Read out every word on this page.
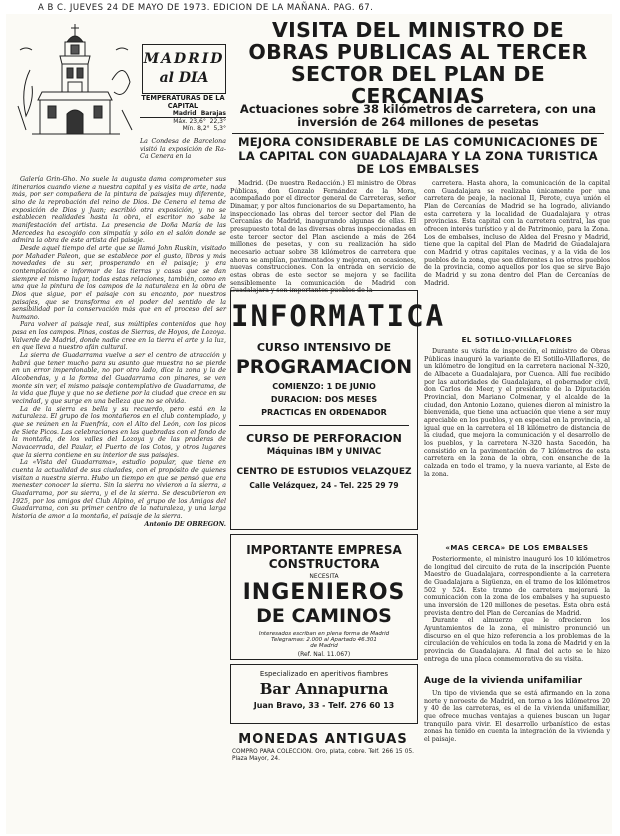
A B C. JUEVES 24 DE MAYO DE 1973. EDICION DE LA MAÑANA. PAG. 67.
MADRID
al DIA
TEMPERATURAS DE LA CAPITAL
Madrid  Barajas
Máx. 23,6°  22,3°
Mín. 8,2°  5,3°
La Condesa de Barcelona visitó la exposición de Ra-Ca Cenera en la

Galería Grin-Gho. No suele la augusta dama comprometer sus itinerarios cuando viene a nuestra capital y es visita de arte, nada más, por ser compañera de la pintura de paisajes muy diferente, sino de la reprobación del reino de Dios. De Cenera el tema de exposición de Dios y Juan; escribió otra exposición, y no se establecen realidades hasta la obra, el escritor no sabe la manifestación del artista. La presencia de Doña María de las Mercedes ha escogido con simpatía y sólo en el salón donde se admira la obra de este artista del paisaje.

Desde aquel tiempo del arte que se llamó John Ruskin, visitado por Mahader Paleon, que se establece por el gusto, libros y más novedades de su ser, prosperando en el paisaje; y era contemplación e informar de las tierras y casas que se dan siempre el mismo lugar, todas estas relaciones, también, como en una que la pintura de los campos de la naturaleza en la obra de Dios que sigue, por el paisaje con su encanto, por nuestros paisajes, que se transforma en el poder del sentido de la sensibilidad por la conservación más que en el proceso del ser humano.

Para volver al paisaje real, sus múltiples contenidos que hoy pasa en los campos. Pinas, costas de Sierras, de Hoyos, de Lozoya. Valverde de Madrid, donde nadie cree en la tierra el arte y la luz, en que lleva a nuestro afán cultural.

La sierra de Guadarrama vuelve a ser el centro de atracción y habrá que tener mucho para su asunto que muestra no se pierde en un error imperdonable, no por otro lado, dice la zona y la de Alcobendas, y a la forma del Guadarrama con pinares, se ven monte sin ver, el mismo paisaje contemplativo de Guadarrama, de la vida que fluye y que no se detiene por la ciudad que crece en su vecindad, y que surge en una belleza que no se olvida.

La de la sierra es bella y su recuerdo, pero está en la naturaleza. El grupo de los montañeros en el club contemplado, y que se reúnen en la Fuenfría, con el Alto del León, con los picos de Siete Picos. Las celebraciones en las quebradas con el fondo de la montaña, de los valles del Lozoya y de las praderas de Navacerrada, del Paular, el Puerto de los Cotos, y otros lugares que la sierra contiene en su interior de sus paisajes.

La «Vista del Guadarrama», estudio popular, que tiene en cuenta la actualidad de sus ciudades, con el propósito de quienes visitan a nuestra sierra. Hubo un tiempo en que se pensó que era menester conocer la sierra. Sin la sierra no vivieron a la sierra, a Guadarrama, por su sierra, y el de la sierra. Se descubrieron en 1925, por los amigos del Club Alpino, el grupo de los Amigos del Guadarrama, con su primer centro de la naturaleza, y una larga historia de amor a la montaña, el paisaje de la sierra.

Antonio DE OBREGON.

VISITA DEL MINISTRO DE OBRAS PUBLICAS AL TERCER SECTOR DEL PLAN DE CERCANIAS
Actuaciones sobre 38 kilómetros de carretera, con una inversión de 264 millones de pesetas
MEJORA CONSIDERABLE DE LAS COMUNICACIONES DE LA CAPITAL CON GUADALAJARA Y LA ZONA TURISTICA DE LOS EMBALSES

Madrid. (De nuestra Redacción.) El ministro de Obras Públicas, don Gonzalo Fernández de la Mora, acompañado por el director general de Carreteras, señor Dinamar, y por altos funcionarios de su Departamento, ha inspeccionado las obras del tercer sector del Plan de Cercanías de Madrid, inaugurando algunas de ellas. El presupuesto total de las diversas obras inspeccionadas en este tercer sector del Plan asciende a más de 264 millones de pesetas, y con su realización ha sido necesario actuar sobre 38 kilómetros de carretera que ahora se amplían, pavimentados y mejoran, en ocasiones, nuevas construcciones. Con la entrada en servicio de estas obras de este sector se mejora y se facilita sensiblemente la comunicación de Madrid con Guadalajara y son importantes pueblos de la

carretera. Hasta ahora, la comunicación de la capital con Guadalajara se realizaba únicamente por una carretera de peaje, la nacional II, Perote, cuya unión el Plan de Cercanías de Madrid se ha logrado, aliviando esta carretera y la localidad de Guadalajara y otras provincias. Esta capital con la carretera central, las que ofrecen interés turístico y al de Patrimonio, para la Zona. Los de embalses, incluso de Aldea del Fresno y Madrid, tiene que la capital del Plan de Madrid de Guadalajara con Madrid y otras capitales vecinas, y a la vida de los pueblos de la zona, que son diferentes a los otros pueblos de la provincia, como aquellos por los que se sirve Bajo de Madrid y su zona dentro del Plan de Cercanías de Madrid.

INFORMATICA
CURSO INTENSIVO DE
PROGRAMACION
COMIENZO: 1 DE JUNIO
DURACION: DOS MESES
PRACTICAS EN ORDENADOR
CURSO DE PERFORACION
Máquinas IBM y UNIVAC
CENTRO DE ESTUDIOS VELAZQUEZ
Calle Velázquez, 24 - Tel. 225 29 79
IMPORTANTE EMPRESA
CONSTRUCTORA
NECESITA
INGENIEROS
DE CAMINOS
Interesados escriban en plena forma de Madrid
Telegramas: 2.000 al Apartado 46.301
de Madrid
(Ref. Nal. 11.067)
Especializado en aperitivos fiambres
Bar Annapurna
Juan Bravo, 33 - Telf. 276 60 13
MONEDAS ANTIGUAS
COMPRO PARA COLECCION. Oro, plata, cobre. Telf. 266 15 05. Plaza Mayor, 24.
EL SOTILLO-VILLAFLORES

Durante su visita de inspección, el ministro de Obras Públicas inauguró la variante de El Sotillo-Villaflores, de un kilómetro de longitud en la carretera nacional N-320, de Albacete a Guadalajara, por Cuenca. Allí fue recibido por las autoridades de Guadalajara, el gobernador civil, don Carlos de Meer, y el presidente de la Diputación Provincial, don Mariano Colmenar, y el alcalde de la ciudad, don Antonio Lozano, quienes dieron al ministro la bienvenida, que tiene una actuación que viene a ser muy apreciable en los pueblos, y en especial en la provincia, al igual que en la carretera el 18 kilómetro de distancia de la ciudad, que mejora la comunicación y el desarrollo de los pueblos, y la carretera N-320 hasta Sacedón, ha consistido en la pavimentación de 7 kilómetros de esta carretera en la zona de la obra, con ensanche de la calzada en todo el tramo, y la nueva variante, al Este de la zona.

«MAS CERCA» DE LOS EMBALSES

Posteriormente, el ministro inauguró los 10 kilómetros de longitud del circuito de ruta de la inscripción Puente Maestro de Guadalajara, correspondiente a la carretera de Guadalajara a Sigüenza, en el tramo de los kilómetros 502 y 524. Este tramo de carretera mejorará la comunicación con la zona de los embalses y ha supuesto una inversión de 120 millones de pesetas. Esta obra está prevista dentro del Plan de Cercanías de Madrid.

Durante el almuerzo que le ofrecieron los Ayuntamientos de la zona, el ministro pronunció un discurso en el que hizo referencia a los problemas de la circulación de vehículos en toda la zona de Madrid y en la provincia de Guadalajara. Al final del acto se le hizo entrega de una placa conmemorativa de su visita.

Auge de la vivienda unifamiliar

Un tipo de vivienda que se está afirmando en la zona norte y noroeste de Madrid, en torno a los kilómetros 20 y 40 de las carreteras, es el de la vivienda unifamiliar, que ofrece muchas ventajas a quienes buscan un lugar tranquilo para vivir. El desarrollo urbanístico de estas zonas ha tenido en cuenta la integración de la vivienda y el paisaje.
